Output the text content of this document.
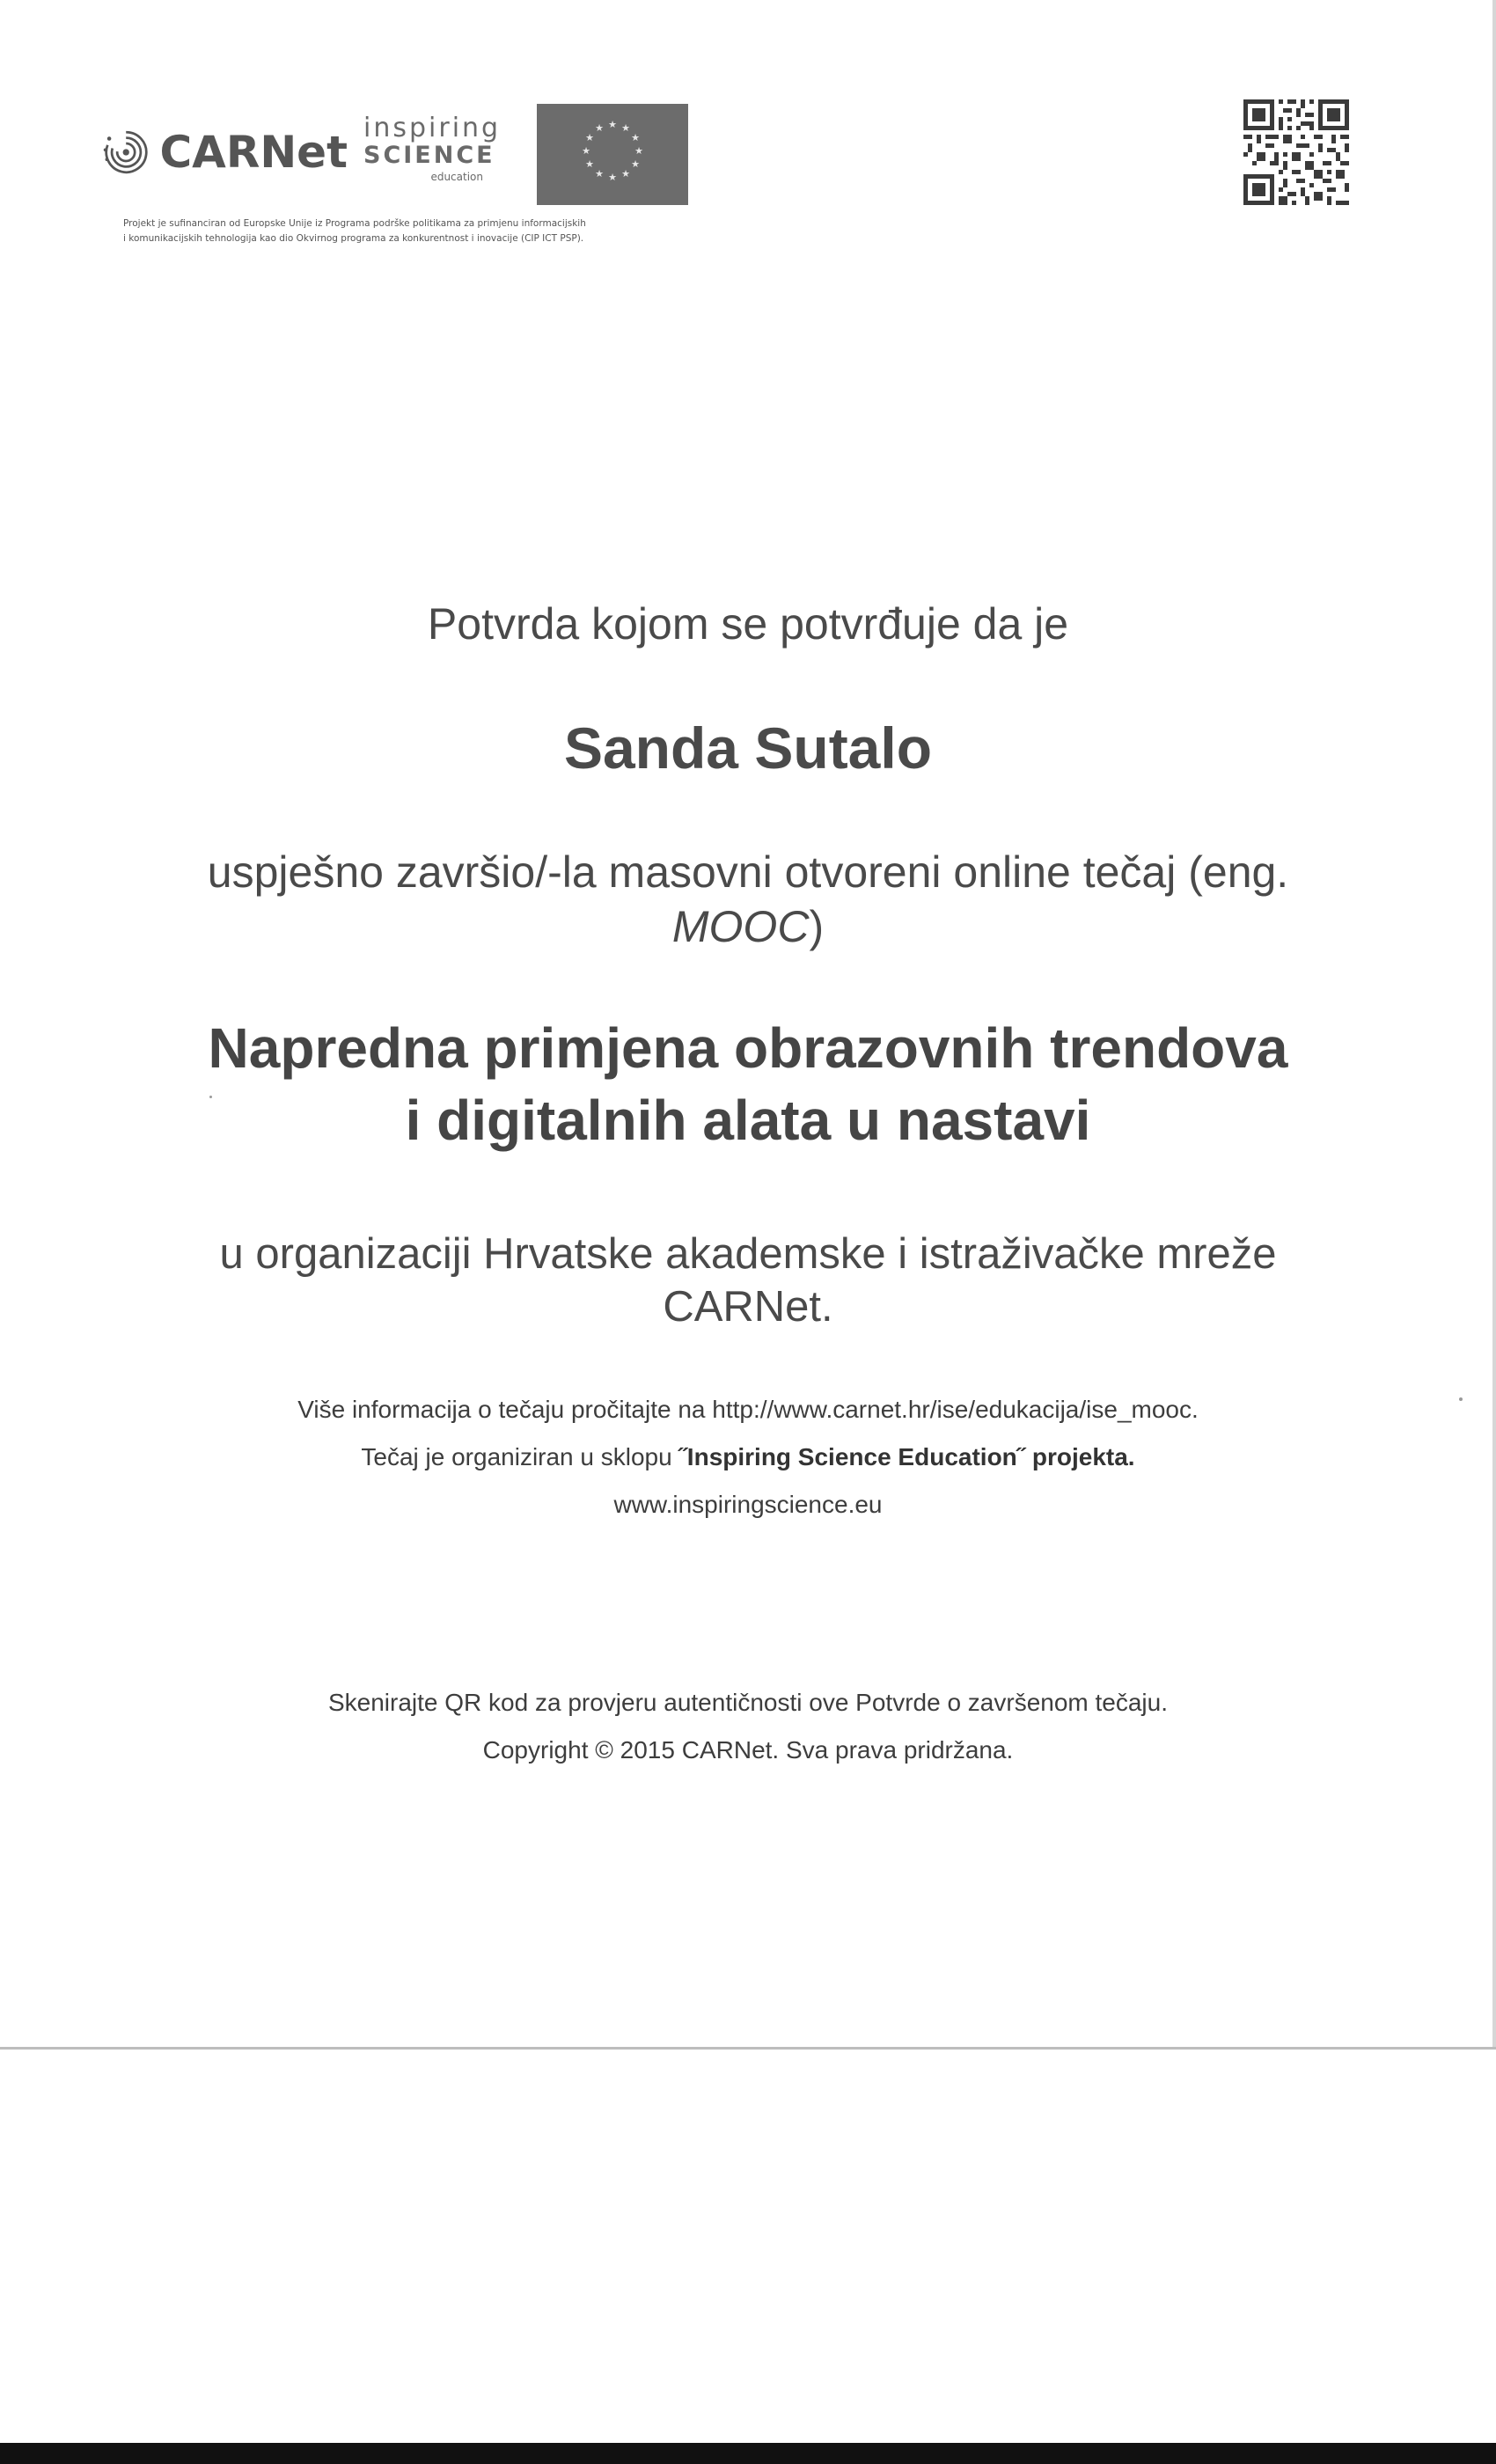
CARNet inspiring
SCIENCE
education
★ ★
★
★
★
★
★
★
★
★
★
★
Projekt je sufinanciran od Europske Unije iz Programa podrške politikama za primjenu informacijskih
i komunikacijskih tehnologija kao dio Okvirnog programa za konkurentnost i inovacije (CIP ICT PSP).
Potvrda kojom se potvrđuje da je
Sanda Sutalo
uspješno završio/-la masovni otvoreni online tečaj (eng.
MOOC)
Napredna primjena obrazovnih trendova
i digitalnih alata u nastavi
u organizaciji Hrvatske akademske i istraživačke mreže
CARNet.
Više informacija o tečaju pročitajte na http://www.carnet.hr/ise/edukacija/ise_mooc.
Tečaj je organiziran u sklopu ˝Inspiring Science Education˝ projekta.
www.inspiringscience.eu
Skenirajte QR kod za provjeru autentičnosti ove Potvrde o završenom tečaju.
Copyright © 2015 CARNet. Sva prava pridržana.
